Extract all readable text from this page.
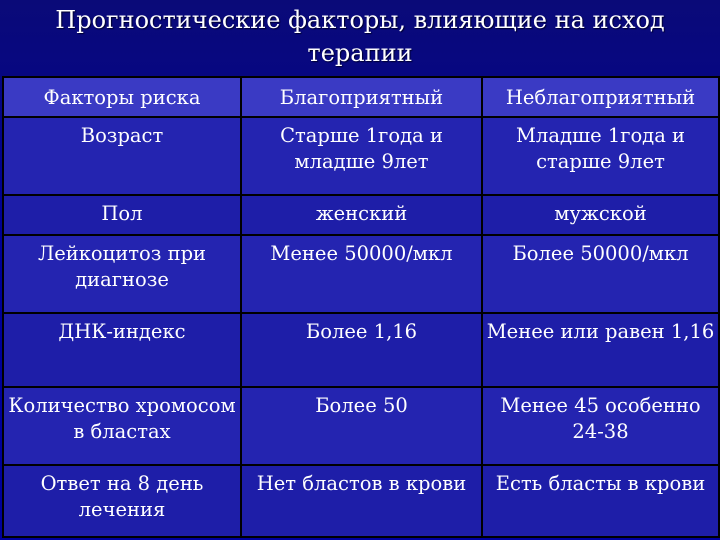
Прогностические факторы, влияющие на исход
терапии
Факторы риска	Благоприятный	Неблагоприятный
Возраст	Старше 1года и младше 9лет	Младше 1года и старше 9лет
Пол	женский	мужской
Лейкоцитоз при диагнозе	Менее 50000/мкл	Более 50000/мкл
ДНК-индекс	Более 1,16	Менее или равен 1,16
Количество хромосом в бластах	Более 50	Менее 45 особенно 24-38
Ответ на 8 день лечения	Нет бластов в крови	Есть бласты в крови
